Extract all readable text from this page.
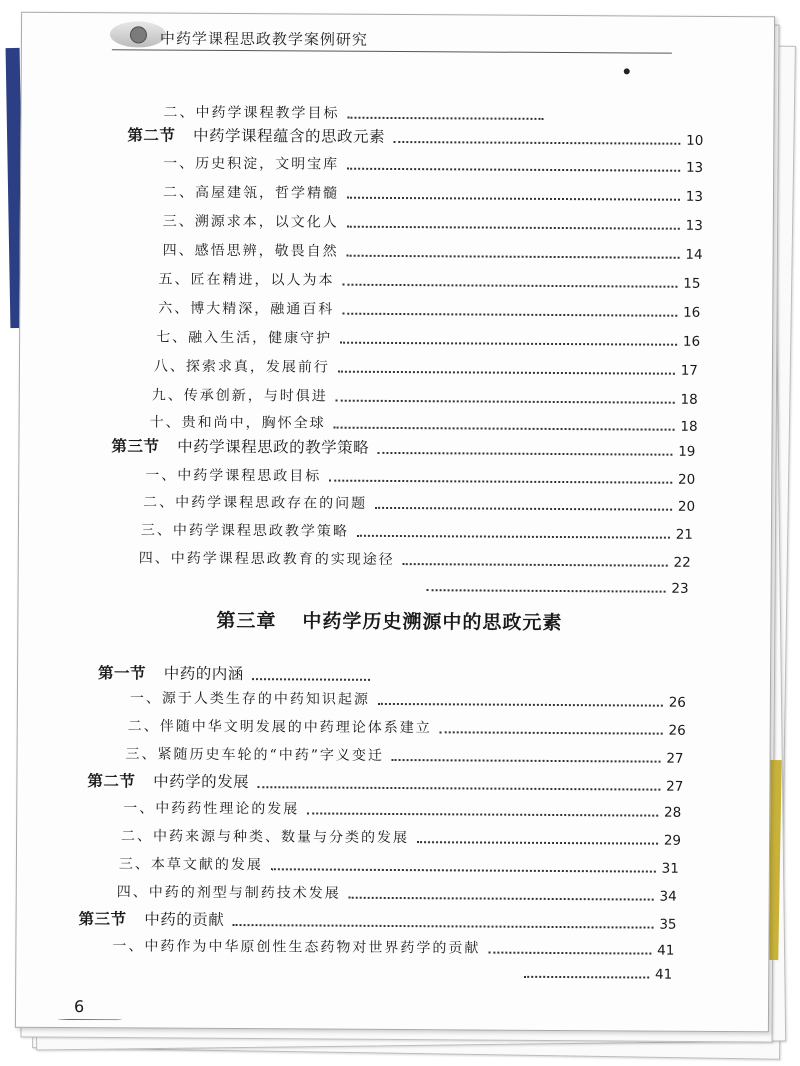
中药学课程思政教学案例研究
二、中药学课程教学目标
第二节 中药学课程蕴含的思政元素	10
一、历史积淀，文明宝库	13
二、高屋建瓴，哲学精髓	13
三、溯源求本，以文化人	13
四、感悟思辨，敬畏自然	14
五、匠在精进，以人为本	15
六、博大精深，融通百科	16
七、融入生活，健康守护	16
八、探索求真，发展前行	17
九、传承创新，与时俱进	18
十、贵和尚中，胸怀全球	18
第三节 中药学课程思政的教学策略	19
一、中药学课程思政目标	20
二、中药学课程思政存在的问题	20
三、中药学课程思政教学策略	21
四、中药学课程思政教育的实现途径	22
23
第三章 中药学历史溯源中的思政元素
第一节 中药的内涵
一、源于人类生存的中药知识起源	26
二、伴随中华文明发展的中药理论体系建立	26
三、紧随历史车轮的“中药”字义变迁	27
第二节 中药学的发展	27
一、中药药性理论的发展	28
二、中药来源与种类、数量与分类的发展	29
三、本草文献的发展	31
四、中药的剂型与制药技术发展	34
第三节 中药的贡献	35
一、中药作为中华原创性生态药物对世界药学的贡献	41
41
6
